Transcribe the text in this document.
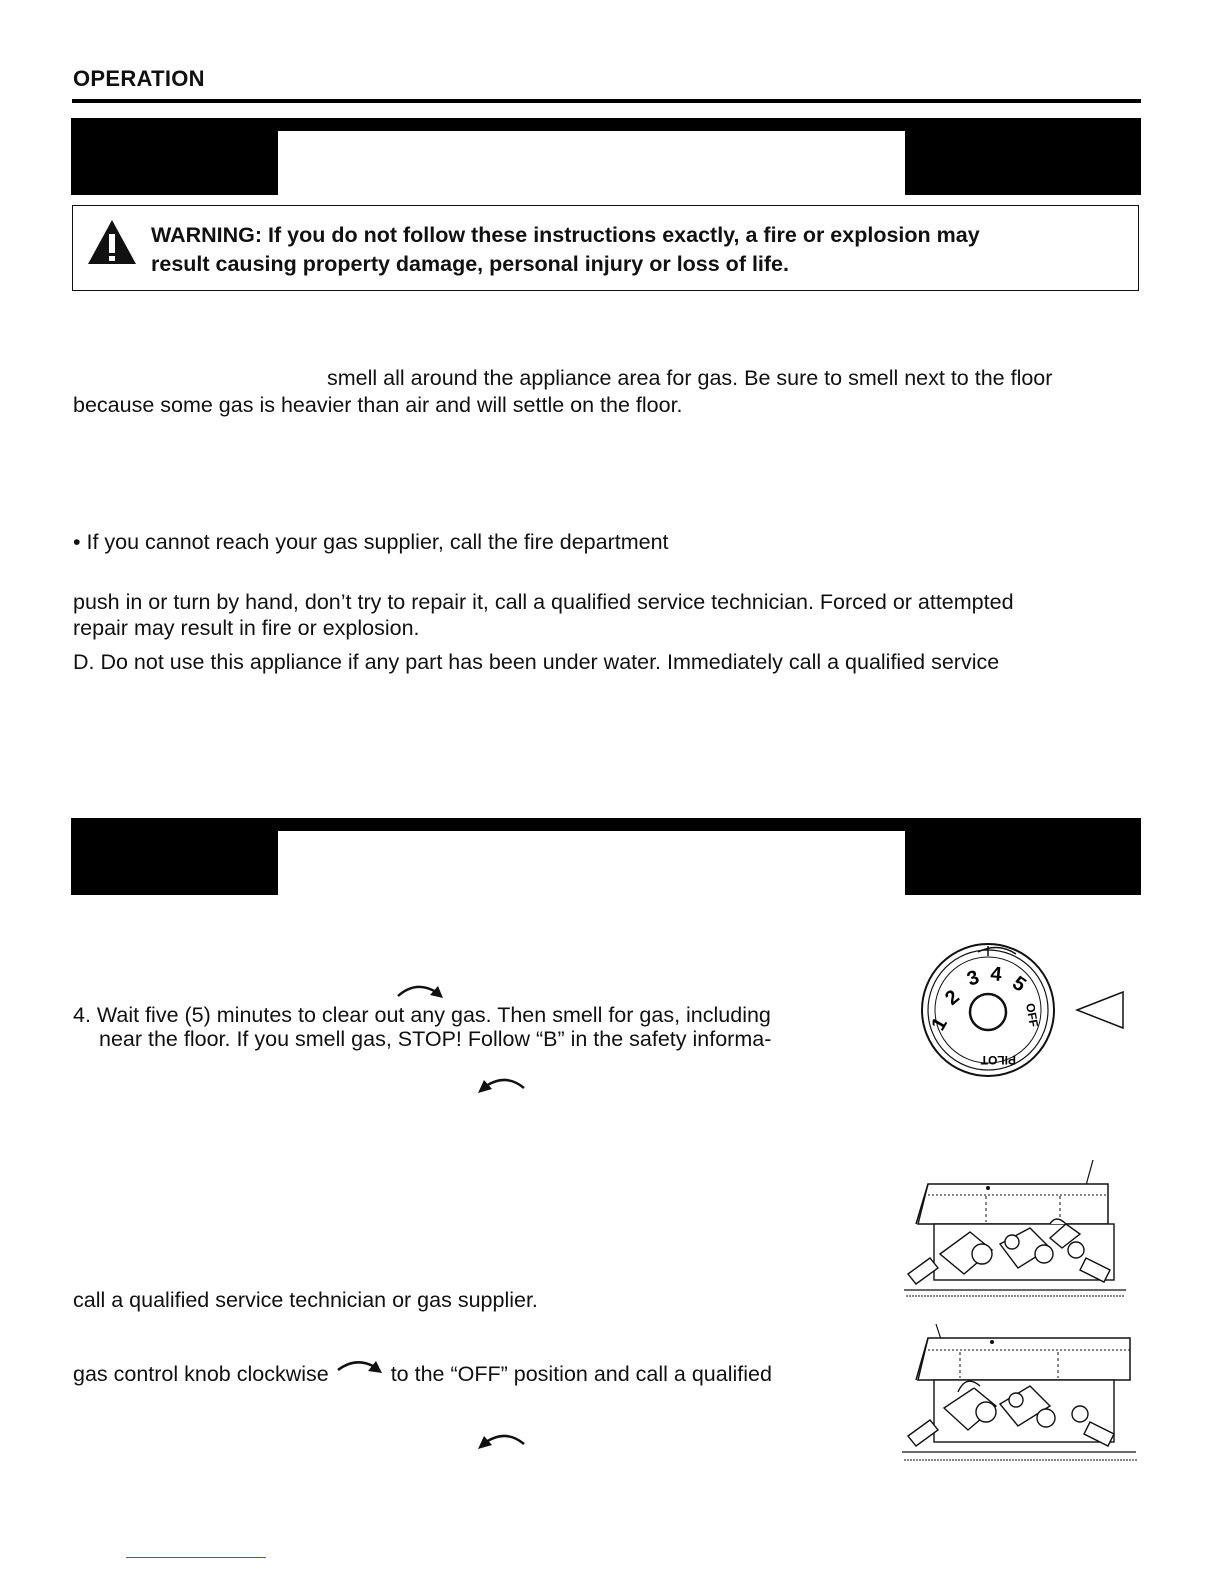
OPERATION
WARNING: If you do not follow these instructions exactly, a fire or explosion may
result causing property damage, personal injury or loss of life.
smell all around the appliance area for gas. Be sure to smell next to the floor
because some gas is heavier than air and will settle on the floor.
• If you cannot reach your gas supplier, call the fire department
push in or turn by hand, don’t try to repair it, call a qualified service technician. Forced or attempted
repair may result in fire or explosion.
D. Do not use this appliance if any part has been under water. Immediately call a qualified service
4. Wait five (5) minutes to clear out any gas. Then smell for gas, including
near the floor. If you smell gas, STOP! Follow “B” in the safety informa-
call a qualified service technician or gas supplier.
gas control knob clockwise	to the “OFF” position and call a qualified
1
2
3 4 5
OFF
PILOT
